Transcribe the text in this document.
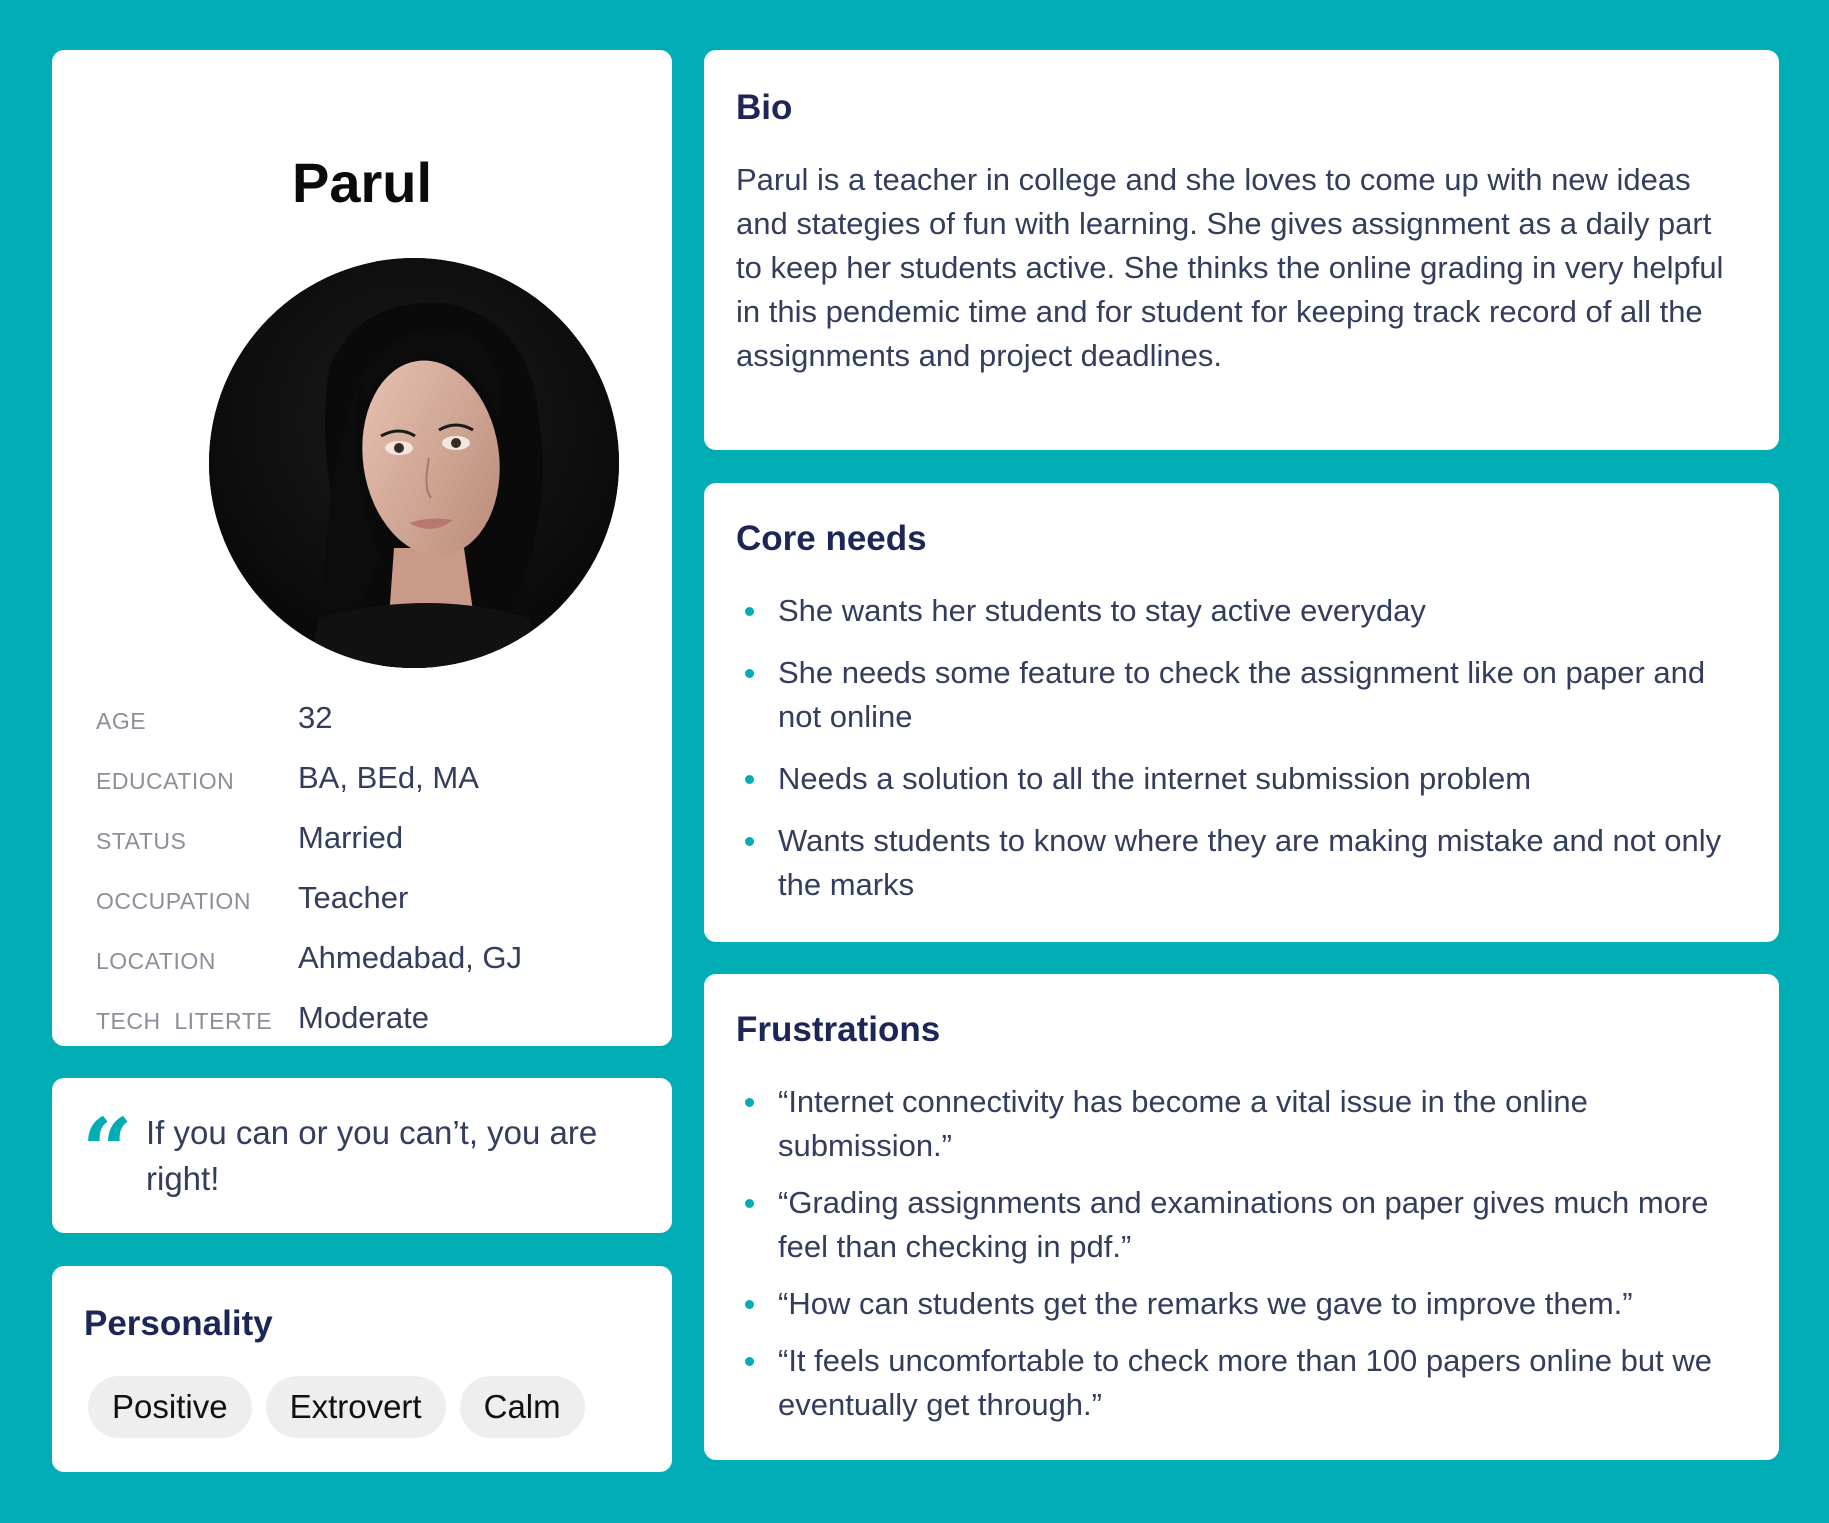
Parul
AGE	32
EDUCATION BA, BEd, MA
STATUS	Married
OCCUPATION Teacher
LOCATION	Ahmedabad, GJ
TECH  LITERTE Moderate
“ If you can or you can’t, you are right!
Personality
Positive	Extrovert	Calm
Bio
Parul is a teacher in college and she loves to come up with new ideas and stategies of fun with learning. She gives assignment as a daily part to keep her students active. She thinks the online grading in very helpful in this pendemic time and for student for keeping track record of all the assignments and project deadlines.
Core needs
She wants her students to stay active everyday
She needs some feature to check the assignment like on paper and not online
Needs a solution to all the internet submission problem
Wants students to know where they are making mistake and not only the marks
Frustrations
“Internet connectivity has become a vital issue in the online submission.”
“Grading assignments and examinations on paper gives much more feel than checking in pdf.”
“How can students get the remarks we gave to improve them.”
“It feels uncomfortable to check more than 100 papers online but we eventually get through.”
